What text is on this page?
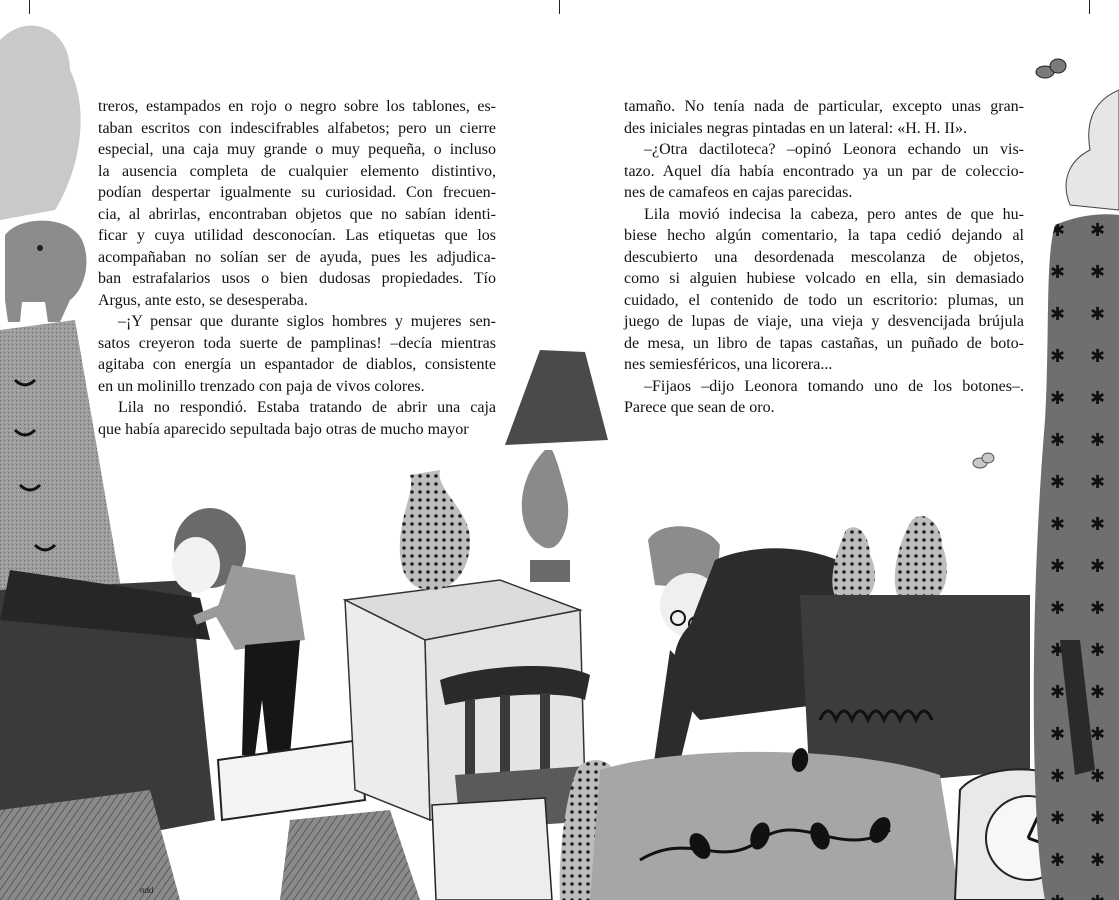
treros, estampados en rojo o negro sobre los tablones, es-

taban escritos con indescifrables alfabetos; pero un cierre

especial, una caja muy grande o muy pequeña, o incluso

la ausencia completa de cualquier elemento distintivo,

podían despertar igualmente su curiosidad. Con frecuen-

cia, al abrirlas, encontraban objetos que no sabían identi-

ficar y cuya utilidad desconocían. Las etiquetas que los

acompañaban no solían ser de ayuda, pues les adjudica-

ban estrafalarios usos o bien dudosas propiedades. Tío

Argus, ante esto, se desesperaba.

–¡Y pensar que durante siglos hombres y mujeres sen-

satos creyeron toda suerte de pamplinas! –decía mientras

agitaba con energía un espantador de diablos, consistente

en un molinillo trenzado con paja de vivos colores.

Lila no respondió. Estaba tratando de abrir una caja

que había aparecido sepultada bajo otras de mucho mayor

tamaño. No tenía nada de particular, excepto unas gran-

des iniciales negras pintadas en un lateral: «H. H. II».

–¿Otra dactiloteca? –opinó Leonora echando un vis-

tazo. Aquel día había encontrado ya un par de coleccio-

nes de camafeos en cajas parecidas.

Lila movió indecisa la cabeza, pero antes de que hu-

biese hecho algún comentario, la tapa cedió dejando al

descubierto una desordenada mescolanza de objetos,

como si alguien hubiese volcado en ella, sin demasiado

cuidado, el contenido de todo un escritorio: plumas, un

juego de lupas de viaje, una vieja y desvencijada brújula

de mesa, un libro de tapas castañas, un puñado de boto-

nes semiesféricos, una licorera...

–Fijaos –dijo Leonora tomando uno de los botones–.

Parece que sean de oro.

ndd
